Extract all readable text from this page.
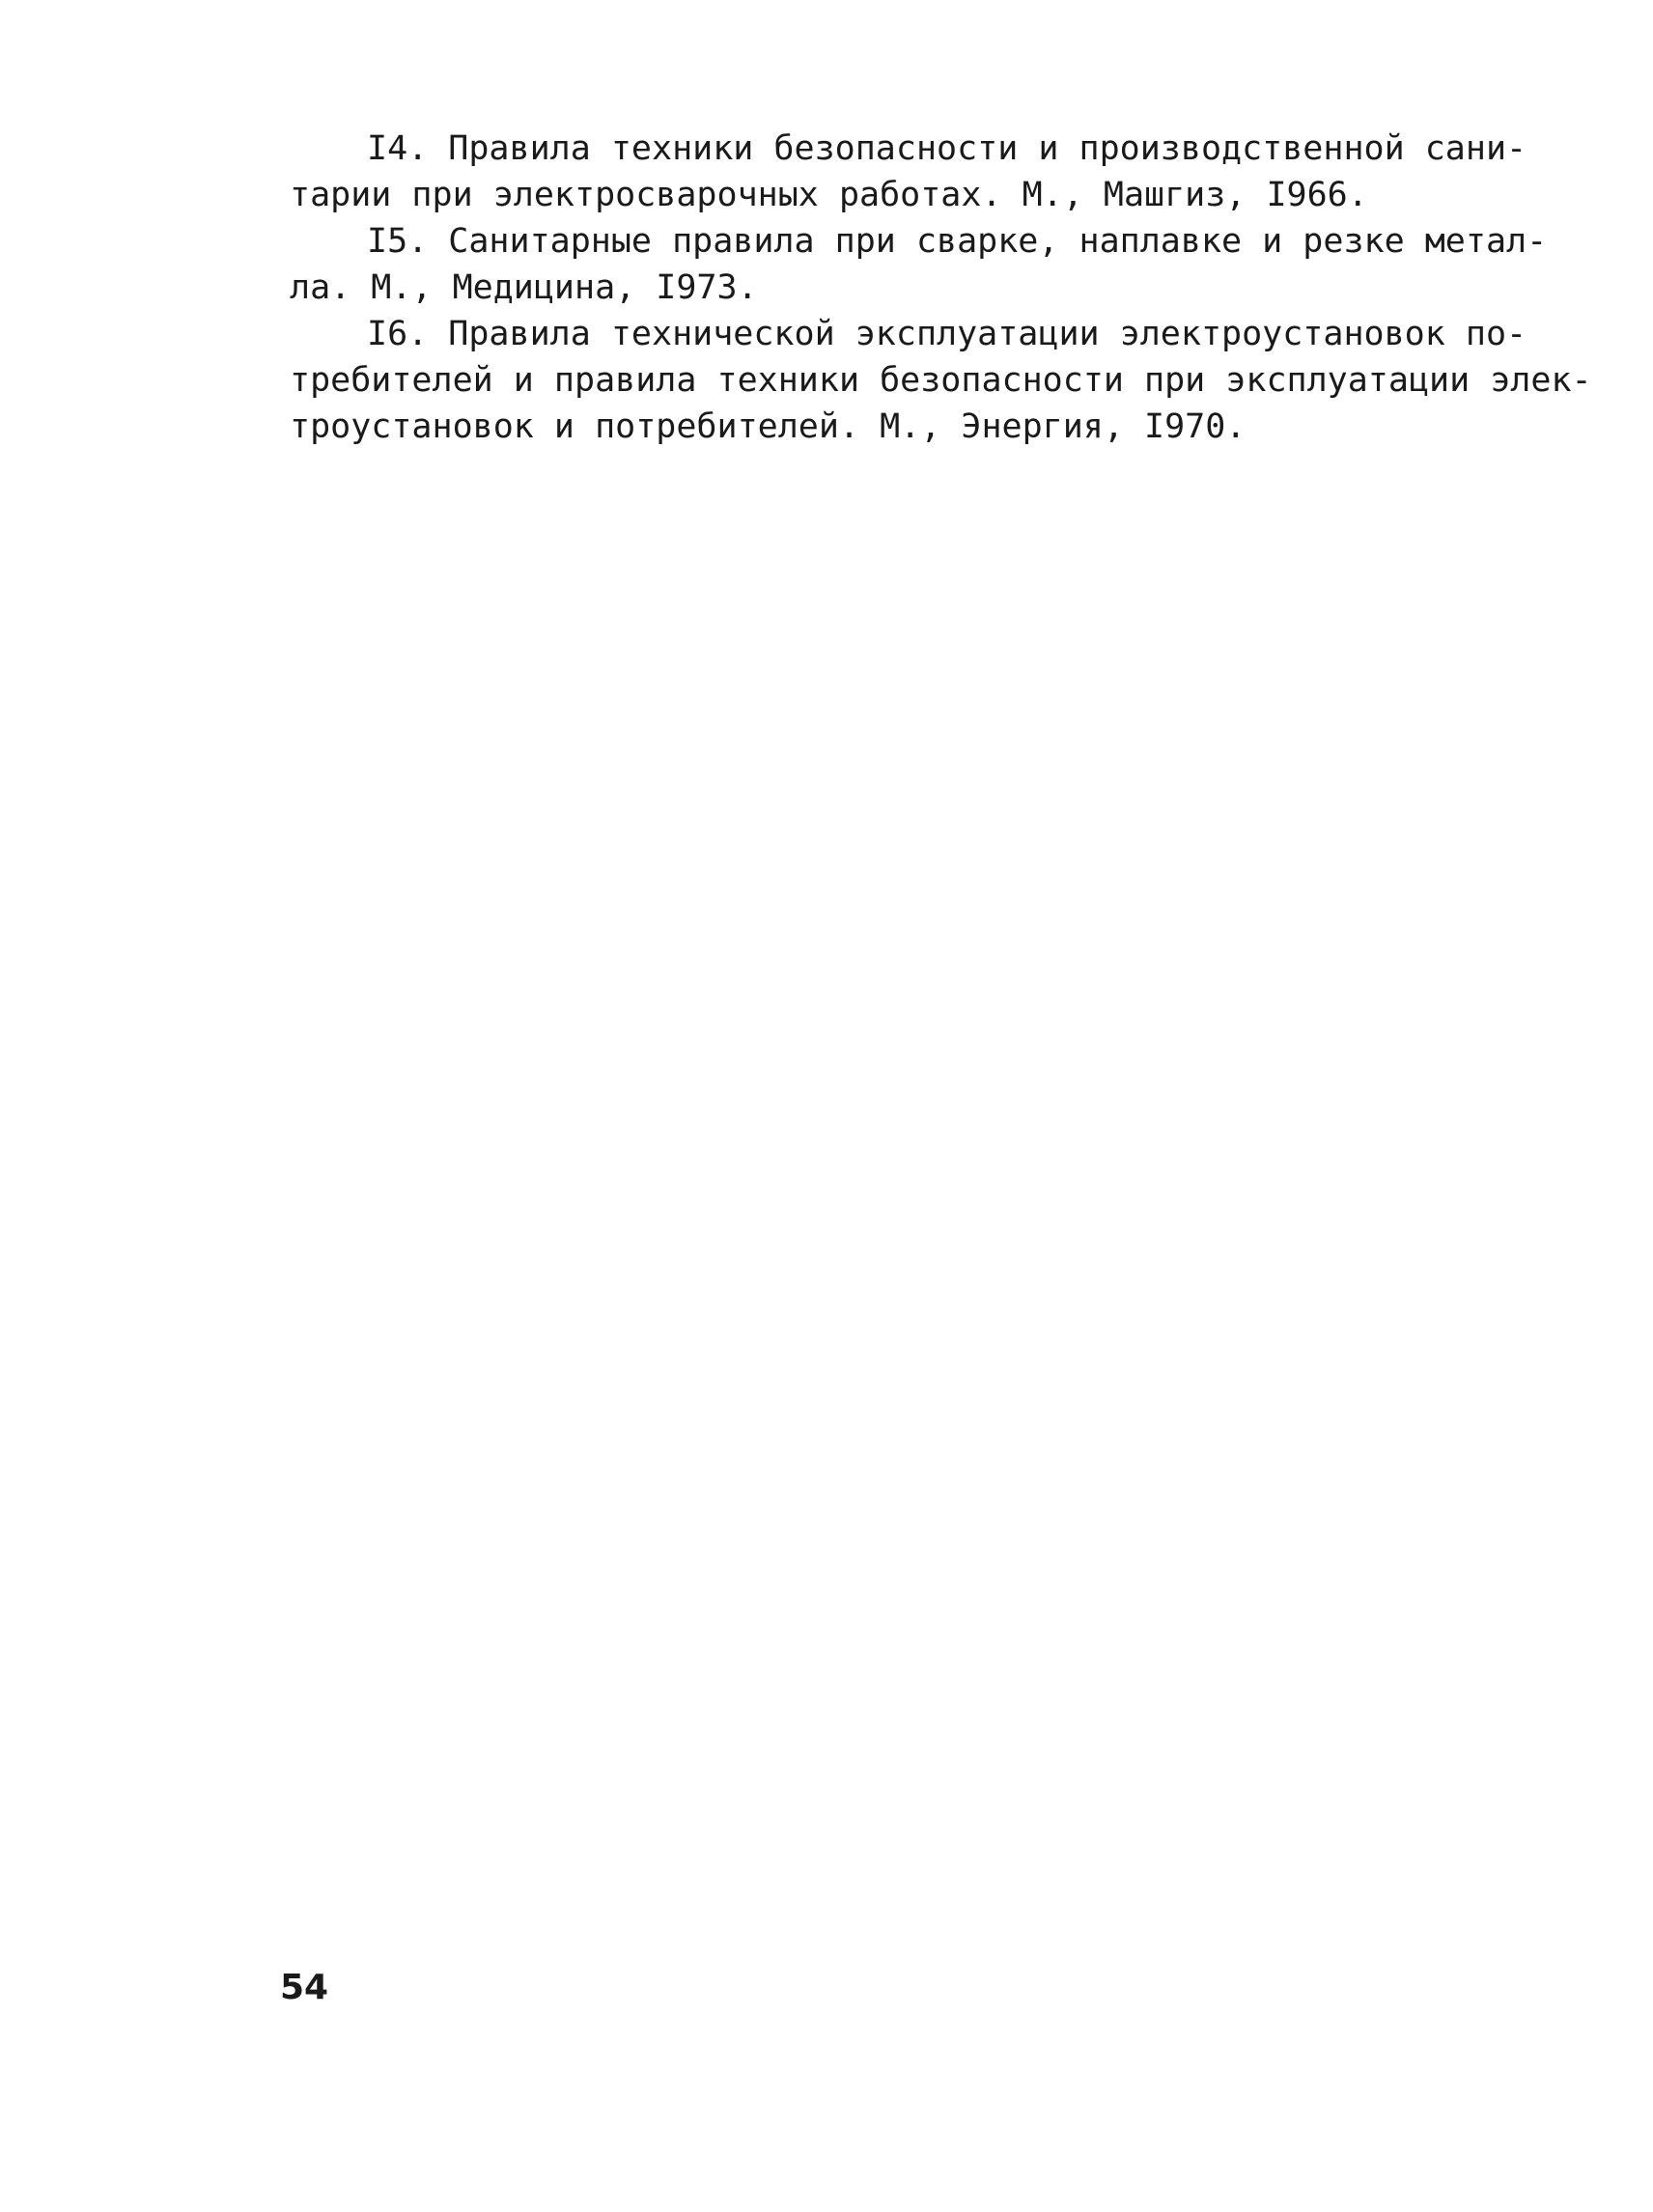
I4. Правила техники безопасности и производственной сани-
тарии при электросварочных работах. М., Машгиз, I966.
I5. Санитарные правила при сварке, наплавке и резке метал-
ла. М., Медицина, I973.
I6. Правила технической эксплуатации электроустановок по-
требителей и правила техники безопасности при эксплуатации элек-
троустановок и потребителей. М., Энергия, I970.
54
